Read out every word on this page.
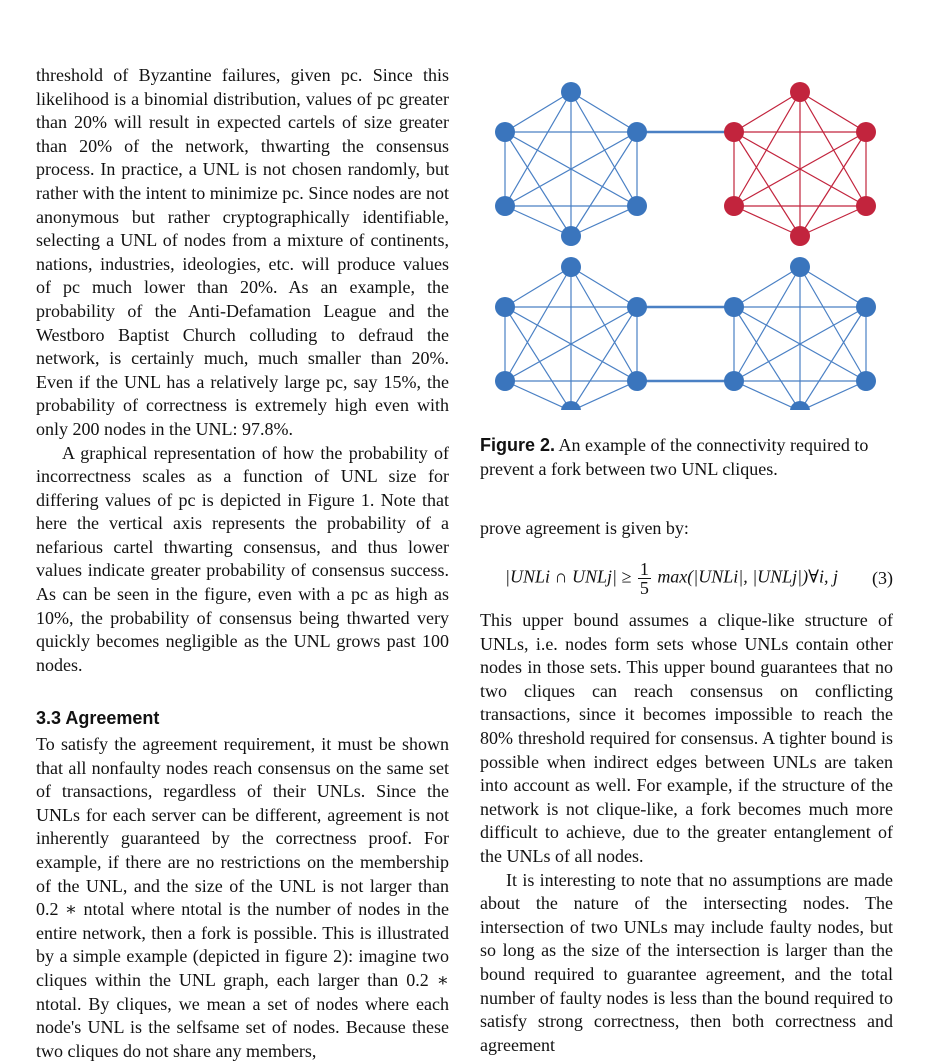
threshold of Byzantine failures, given pc. Since this likelihood is a binomial distribution, values of pc greater than 20% will result in expected cartels of size greater than 20% of the network, thwarting the consensus process. In practice, a UNL is not chosen randomly, but rather with the intent to minimize pc. Since nodes are not anonymous but rather cryptographically identifiable, selecting a UNL of nodes from a mixture of continents, nations, industries, ideologies, etc. will produce values of pc much lower than 20%. As an example, the probability of the Anti-Defamation League and the Westboro Baptist Church colluding to defraud the network, is certainly much, much smaller than 20%. Even if the UNL has a relatively large pc, say 15%, the probability of correctness is extremely high even with only 200 nodes in the UNL: 97.8%.

A graphical representation of how the probability of incorrectness scales as a function of UNL size for differing values of pc is depicted in Figure 1. Note that here the vertical axis represents the probability of a nefarious cartel thwarting consensus, and thus lower values indicate greater probability of consensus success. As can be seen in the figure, even with a pc as high as 10%, the probability of consensus being thwarted very quickly becomes negligible as the UNL grows past 100 nodes.

3.3 Agreement

To satisfy the agreement requirement, it must be shown that all nonfaulty nodes reach consensus on the same set of transactions, regardless of their UNLs. Since the UNLs for each server can be different, agreement is not inherently guaranteed by the correctness proof. For example, if there are no restrictions on the membership of the UNL, and the size of the UNL is not larger than 0.2 ∗ ntotal where ntotal is the number of nodes in the entire network, then a fork is possible. This is illustrated by a simple example (depicted in figure 2): imagine two cliques within the UNL graph, each larger than 0.2 ∗ ntotal. By cliques, we mean a set of nodes where each node's UNL is the selfsame set of nodes. Because these two cliques do not share any members,

Figure 2. An example of the connectivity required to prevent a fork between two UNL cliques.

prove agreement is given by:

|UNLi ∩ UNLj| ≥ $\frac{1}{5}$ max(|UNLi|, |UNLj|)∀i, j	(3)

This upper bound assumes a clique-like structure of UNLs, i.e. nodes form sets whose UNLs contain other nodes in those sets. This upper bound guarantees that no two cliques can reach consensus on conflicting transactions, since it becomes impossible to reach the 80% threshold required for consensus. A tighter bound is possible when indirect edges between UNLs are taken into account as well. For example, if the structure of the network is not clique-like, a fork becomes much more difficult to achieve, due to the greater entanglement of the UNLs of all nodes.

It is interesting to note that no assumptions are made about the nature of the intersecting nodes. The intersection of two UNLs may include faulty nodes, but so long as the size of the intersection is larger than the bound required to guarantee agreement, and the total number of faulty nodes is less than the bound required to satisfy strong correctness, then both correctness and agreement
